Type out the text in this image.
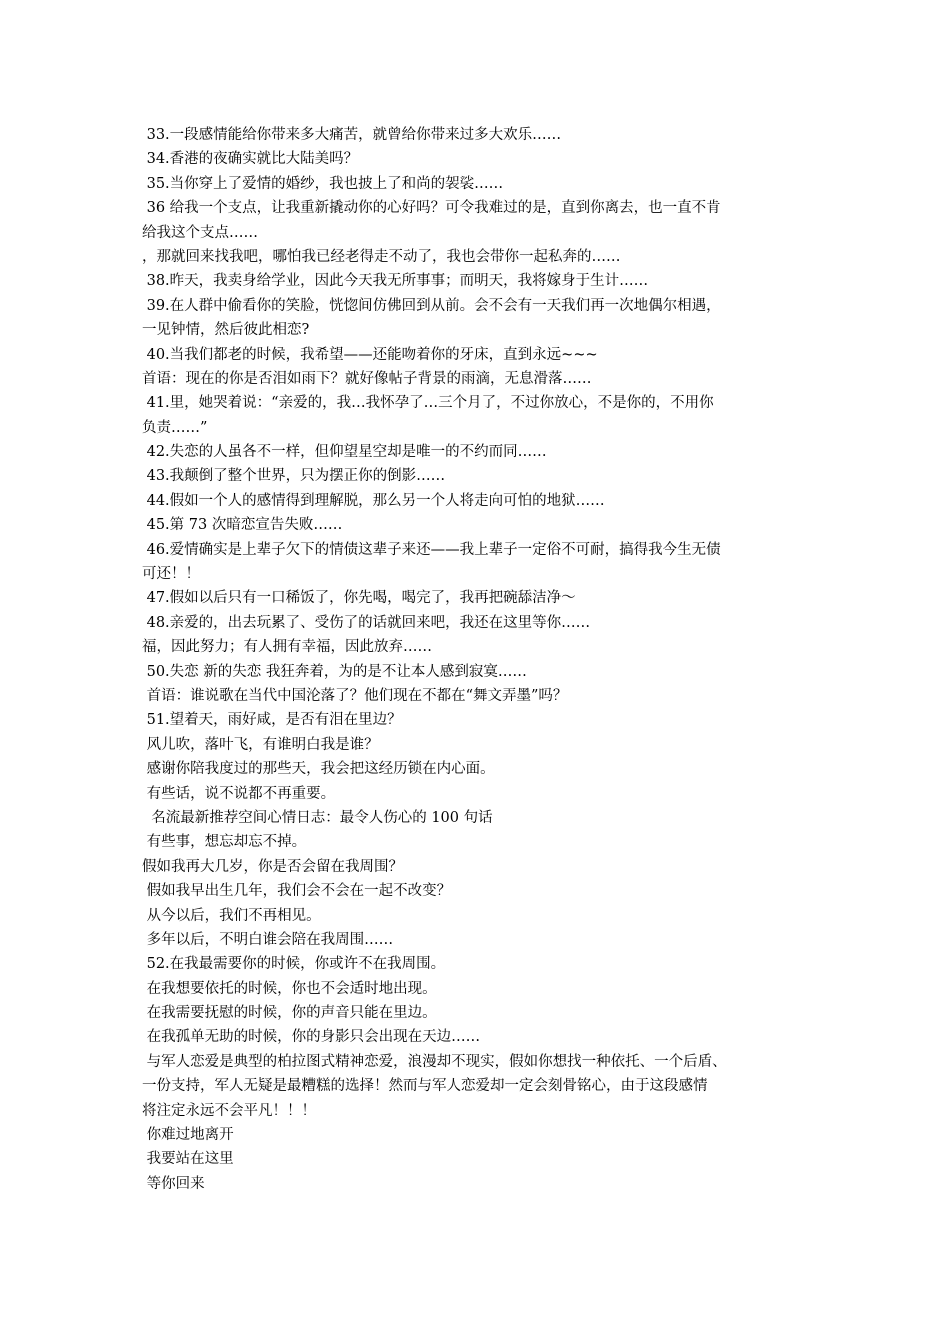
33.一段感情能给你带来多大痛苦，就曾给你带来过多大欢乐……
34.香港的夜确实就比大陆美吗？
35.当你穿上了爱情的婚纱，我也披上了和尚的袈裟……
36 给我一个支点，让我重新撬动你的心好吗？可令我难过的是，直到你离去，也一直不肯
给我这个支点……
，那就回来找我吧，哪怕我已经老得走不动了，我也会带你一起私奔的……
38.昨天，我卖身给学业，因此今天我无所事事；而明天，我将嫁身于生计……
39.在人群中偷看你的笑脸，恍惚间仿佛回到从前。会不会有一天我们再一次地偶尔相遇，
一见钟情，然后彼此相恋?
40.当我们都老的时候，我希望——还能吻着你的牙床，直到永远~~~
首语：现在的你是否泪如雨下？就好像帖子背景的雨滴，无息滑落……
41.里，她哭着说：“亲爱的，我…我怀孕了…三个月了，不过你放心，不是你的，不用你
负责……”
42.失恋的人虽各不一样，但仰望星空却是唯一的不约而同……
43.我颠倒了整个世界，只为摆正你的倒影……
44.假如一个人的感情得到理解脱，那么另一个人将走向可怕的地狱……
45.第 73 次暗恋宣告失败……
46.爱情确实是上辈子欠下的情债这辈子来还——我上辈子一定俗不可耐，搞得我今生无债
可还！！
47.假如以后只有一口稀饭了，你先喝，喝完了，我再把碗舔洁净～
48.亲爱的，出去玩累了、受伤了的话就回来吧，我还在这里等你……
福，因此努力；有人拥有幸福，因此放弃……
50.失恋 新的失恋 我狂奔着，为的是不让本人感到寂寞……
首语：谁说歌在当代中国沦落了？他们现在不都在“舞文弄墨”吗？
51.望着天，雨好咸，是否有泪在里边？
风儿吹，落叶飞，有谁明白我是谁？
感谢你陪我度过的那些天，我会把这经历锁在内心面。
有些话，说不说都不再重要。
名流最新推荐空间心情日志：最令人伤心的 100 句话
有些事，想忘却忘不掉。
假如我再大几岁，你是否会留在我周围？
假如我早出生几年，我们会不会在一起不改变？
从今以后，我们不再相见。
多年以后，不明白谁会陪在我周围……
52.在我最需要你的时候，你或许不在我周围。
在我想要依托的时候，你也不会适时地出现。
在我需要抚慰的时候，你的声音只能在里边。
在我孤单无助的时候，你的身影只会出现在天边……
与军人恋爱是典型的柏拉图式精神恋爱，浪漫却不现实，假如你想找一种依托、一个后盾、
一份支持，军人无疑是最糟糕的选择！然而与军人恋爱却一定会刻骨铭心，由于这段感情
将注定永远不会平凡！！！
你难过地离开
我要站在这里
等你回来
